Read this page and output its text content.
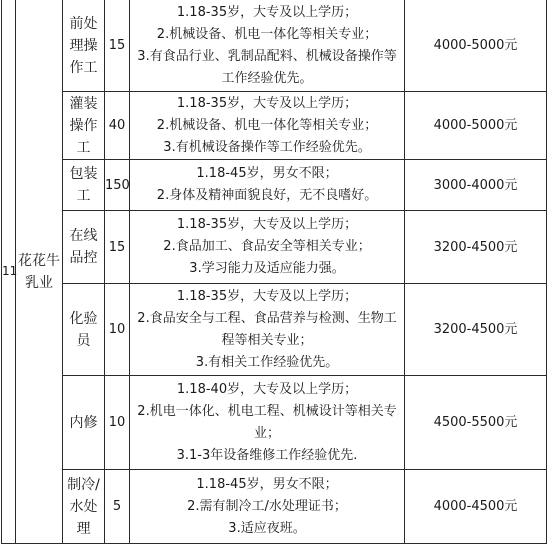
11	花花牛乳业	前处理操作工	15	1.18-35岁，大专及以上学历；
2.机械设备、机电一体化等相关专业；
3.有食品行业、乳制品配料、机械设备操作等工作经验优先。	4000-5000元
		灌装操作工	40	1.18-35岁，大专及以上学历；
2.机械设备、机电一体化等相关专业；
3.有机械设备操作等工作经验优先。	4000-5000元
		包装工	150	1.18-45岁，男女不限；
2.身体及精神面貌良好，无不良嗜好。	3000-4000元
		在线品控	15	1.18-35岁，大专及以上学历；
2.食品加工、食品安全等相关专业；
3.学习能力及适应能力强。	3200-4500元
		化验员	10	1.18-35岁，大专及以上学历；
2.食品安全与工程、食品营养与检测、生物工程等相关专业；
3.有相关工作经验优先。	3200-4500元
		内修	10	1.18-40岁，大专及以上学历；
2.机电一体化、机电工程、机械设计等相关专业；
3.1-3年设备维修工作经验优先.	4500-5500元
		制冷/水处理	5	1.18-45岁，男女不限；
2.需有制冷工/水处理证书；
3.适应夜班。	4000-4500元
